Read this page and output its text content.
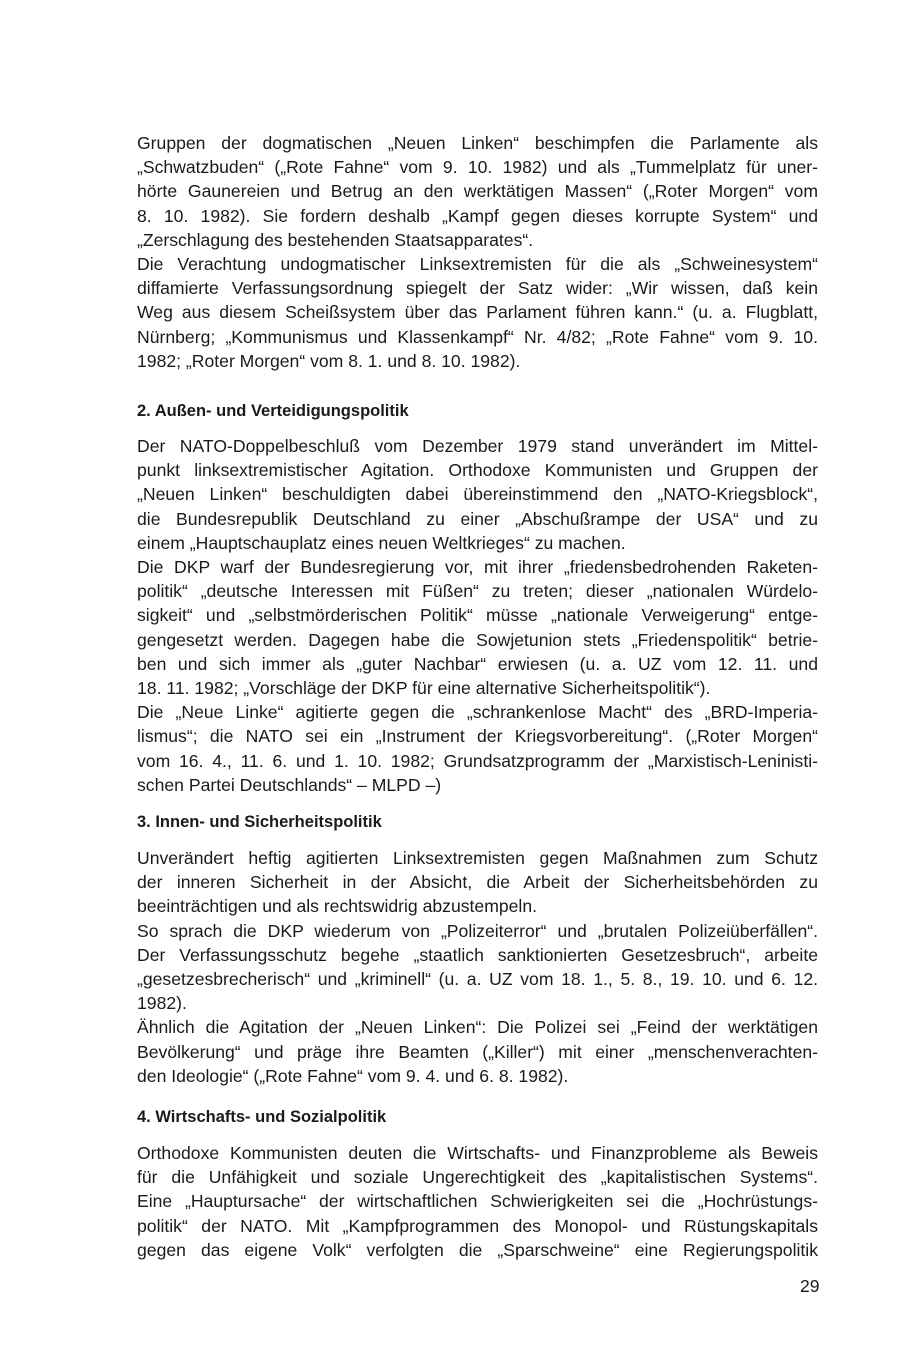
Gruppen der dogmatischen „Neuen Linken“ beschimpfen die Parlamente als
„Schwatzbuden“ („Rote Fahne“ vom 9. 10. 1982) und als „Tummelplatz für uner-
hörte Gaunereien und Betrug an den werktätigen Massen“ („Roter Morgen“ vom
8. 10. 1982). Sie fordern deshalb „Kampf gegen dieses korrupte System“ und
„Zerschlagung des bestehenden Staatsapparates“.
Die Verachtung undogmatischer Linksextremisten für die als „Schweinesystem“
diffamierte Verfassungsordnung spiegelt der Satz wider: „Wir wissen, daß kein
Weg aus diesem Scheißsystem über das Parlament führen kann.“ (u. a. Flugblatt,
Nürnberg; „Kommunismus und Klassenkampf“ Nr. 4/82; „Rote Fahne“ vom 9. 10.
1982; „Roter Morgen“ vom 8. 1. und 8. 10. 1982).
2. Außen- und Verteidigungspolitik
Der NATO-Doppelbeschluß vom Dezember 1979 stand unverändert im Mittel-
punkt linksextremistischer Agitation. Orthodoxe Kommunisten und Gruppen der
„Neuen Linken“ beschuldigten dabei übereinstimmend den „NATO-Kriegsblock“,
die Bundesrepublik Deutschland zu einer „Abschußrampe der USA“ und zu
einem „Hauptschauplatz eines neuen Weltkrieges“ zu machen.
Die DKP warf der Bundesregierung vor, mit ihrer „friedensbedrohenden Raketen-
politik“ „deutsche Interessen mit Füßen“ zu treten; dieser „nationalen Würdelo-
sigkeit“ und „selbstmörderischen Politik“ müsse „nationale Verweigerung“ entge-
gengesetzt werden. Dagegen habe die Sowjetunion stets „Friedenspolitik“ betrie-
ben und sich immer als „guter Nachbar“ erwiesen (u. a. UZ vom 12. 11. und
18. 11. 1982; „Vorschläge der DKP für eine alternative Sicherheitspolitik“).
Die „Neue Linke“ agitierte gegen die „schrankenlose Macht“ des „BRD-Imperia-
lismus“; die NATO sei ein „Instrument der Kriegsvorbereitung“. („Roter Morgen“
vom 16. 4., 11. 6. und 1. 10. 1982; Grundsatzprogramm der „Marxistisch-Leninisti-
schen Partei Deutschlands“ – MLPD –)
3. Innen- und Sicherheitspolitik
Unverändert heftig agitierten Linksextremisten gegen Maßnahmen zum Schutz
der inneren Sicherheit in der Absicht, die Arbeit der Sicherheitsbehörden zu
beeinträchtigen und als rechtswidrig abzustempeln.
So sprach die DKP wiederum von „Polizeiterror“ und „brutalen Polizeiüberfällen“.
Der Verfassungsschutz begehe „staatlich sanktionierten Gesetzesbruch“, arbeite
„gesetzesbrecherisch“ und „kriminell“ (u. a. UZ vom 18. 1., 5. 8., 19. 10. und 6. 12.
1982).
Ähnlich die Agitation der „Neuen Linken“: Die Polizei sei „Feind der werktätigen
Bevölkerung“ und präge ihre Beamten („Killer“) mit einer „menschenverachten-
den Ideologie“ („Rote Fahne“ vom 9. 4. und 6. 8. 1982).
4. Wirtschafts- und Sozialpolitik
Orthodoxe Kommunisten deuten die Wirtschafts- und Finanzprobleme als Beweis
für die Unfähigkeit und soziale Ungerechtigkeit des „kapitalistischen Systems“.
Eine „Hauptursache“ der wirtschaftlichen Schwierigkeiten sei die „Hochrüstungs-
politik“ der NATO. Mit „Kampfprogrammen des Monopol- und Rüstungskapitals
gegen das eigene Volk“ verfolgten die „Sparschweine“ eine Regierungspolitik
29
